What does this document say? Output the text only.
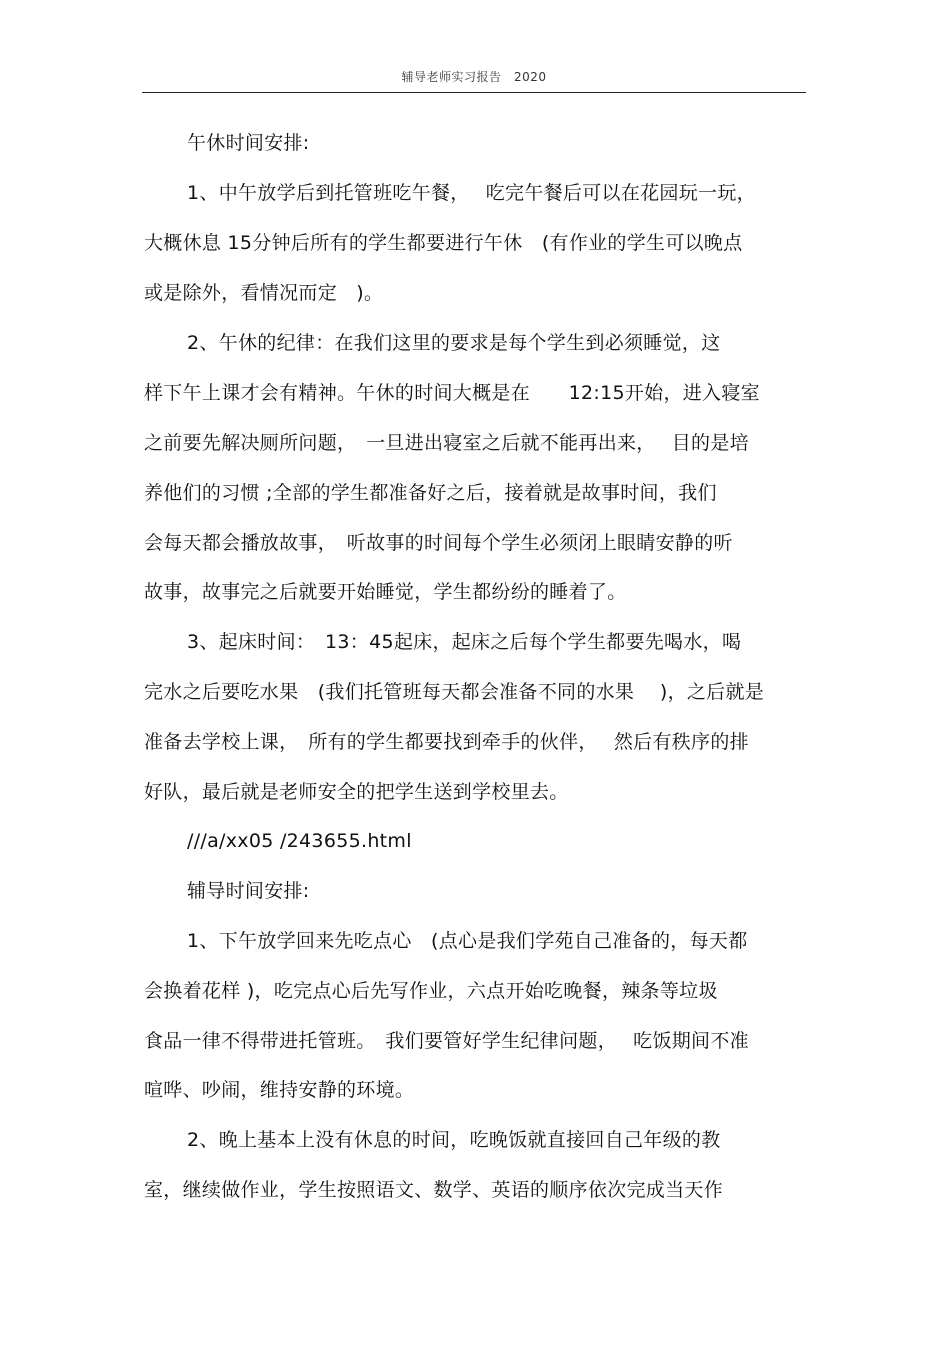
辅导老师实习报告　2020
午休时间安排:
1、中午放学后到托管班吃午餐，　 吃完午餐后可以在花园玩一玩，
大概休息 15分钟后所有的学生都要进行午休　(有作业的学生可以晚点
或是除外，看情况而定　)。
2、午休的纪律：在我们这里的要求是每个学生到必须睡觉，这
样下午上课才会有精神。午休的时间大概是在　　12:15开始，进入寝室
之前要先解决厕所问题，　一旦进出寝室之后就不能再出来，　 目的是培
养他们的习惯 ;全部的学生都准备好之后，接着就是故事时间，我们
会每天都会播放故事，　听故事的时间每个学生必须闭上眼睛安静的听
故事，故事完之后就要开始睡觉，学生都纷纷的睡着了。
3、起床时间：　13：45起床，起床之后每个学生都要先喝水，喝
完水之后要吃水果　(我们托管班每天都会准备不同的水果　 )，之后就是
准备去学校上课，　所有的学生都要找到牵手的伙伴，　 然后有秩序的排
好队，最后就是老师安全的把学生送到学校里去。
///a/xx05 /243655.html
辅导时间安排:
1、下午放学回来先吃点心　(点心是我们学苑自己准备的，每天都
会换着花样 )，吃完点心后先写作业，六点开始吃晚餐，辣条等垃圾
食品一律不得带进托管班。　我们要管好学生纪律问题，　 吃饭期间不准
喧哗、吵闹，维持安静的环境。
2、晚上基本上没有休息的时间，吃晚饭就直接回自己年级的教
室，继续做作业，学生按照语文、数学、英语的顺序依次完成当天作
